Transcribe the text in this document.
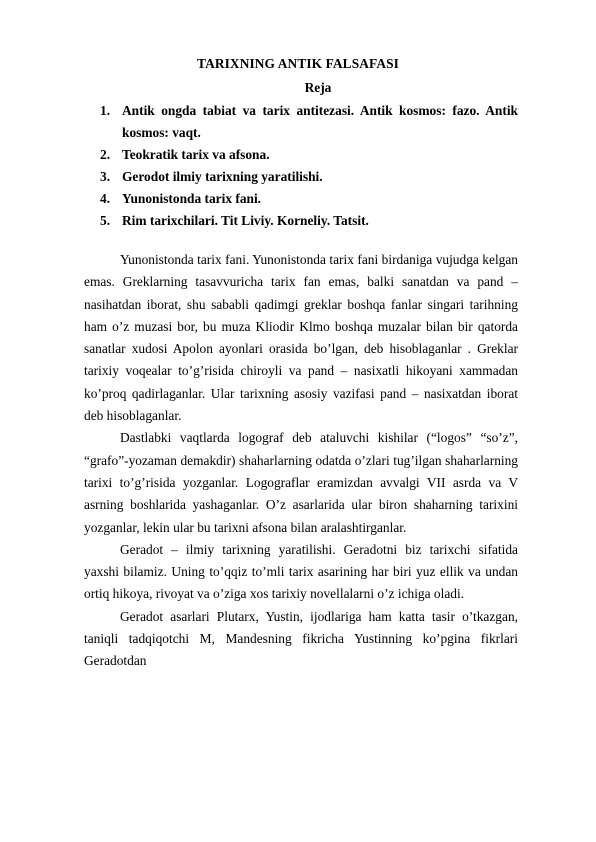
TARIXNING ANTIK FALSAFASI
Reja
1. Antik ongda tabiat va tarix antitezasi. Antik kosmos: fazo. Antik kosmos: vaqt.
2. Teokratik tarix va afsona.
3. Gerodot ilmiy tarixning yaratilishi.
4. Yunonistonda tarix fani.
5. Rim tarixchilari. Tit Liviy. Korneliy. Tatsit.

Yunonistonda tarix fani. Yunonistonda tarix fani birdaniga vujudga kelgan emas. Greklarning tasavvuricha tarix fan emas, balki sanatdan va pand – nasihatdan iborat, shu sababli qadimgi greklar boshqa fanlar singari tarihning ham o’z muzasi bor, bu muza Kliodir Klmo boshqa muzalar bilan bir qatorda sanatlar xudosi Apolon ayonlari orasida bo’lgan, deb hisoblaganlar . Greklar tarixiy voqealar to’g’risida chiroyli va pand – nasixatli hikoyani xammadan ko’proq qadirlaganlar. Ular tarixning asosiy vazifasi pand – nasixatdan iborat deb hisoblaganlar.

Dastlabki vaqtlarda logograf deb ataluvchi kishilar (“logos” “so’z”, “grafo”-yozaman demakdir) shaharlarning odatda o’zlari tug’ilgan shaharlarning tarixi to’g’risida yozganlar. Logograflar eramizdan avvalgi VII asrda va V asrning boshlarida yashaganlar. O’z asarlarida ular biron shaharning tarixini yozganlar, lekin ular bu tarixni afsona bilan aralashtirganlar.

Geradot – ilmiy tarixning yaratilishi. Geradotni biz tarixchi sifatida yaxshi bilamiz. Uning to’qqiz to’mli tarix asarining har biri yuz ellik va undan ortiq hikoya, rivoyat va o’ziga xos tarixiy novellalarni o’z ichiga oladi.

Geradot asarlari Plutarx, Yustin, ijodlariga ham katta tasir o’tkazgan, taniqli tadqiqotchi M, Mandesning fikricha Yustinning ko’pgina fikrlari Geradotdan
